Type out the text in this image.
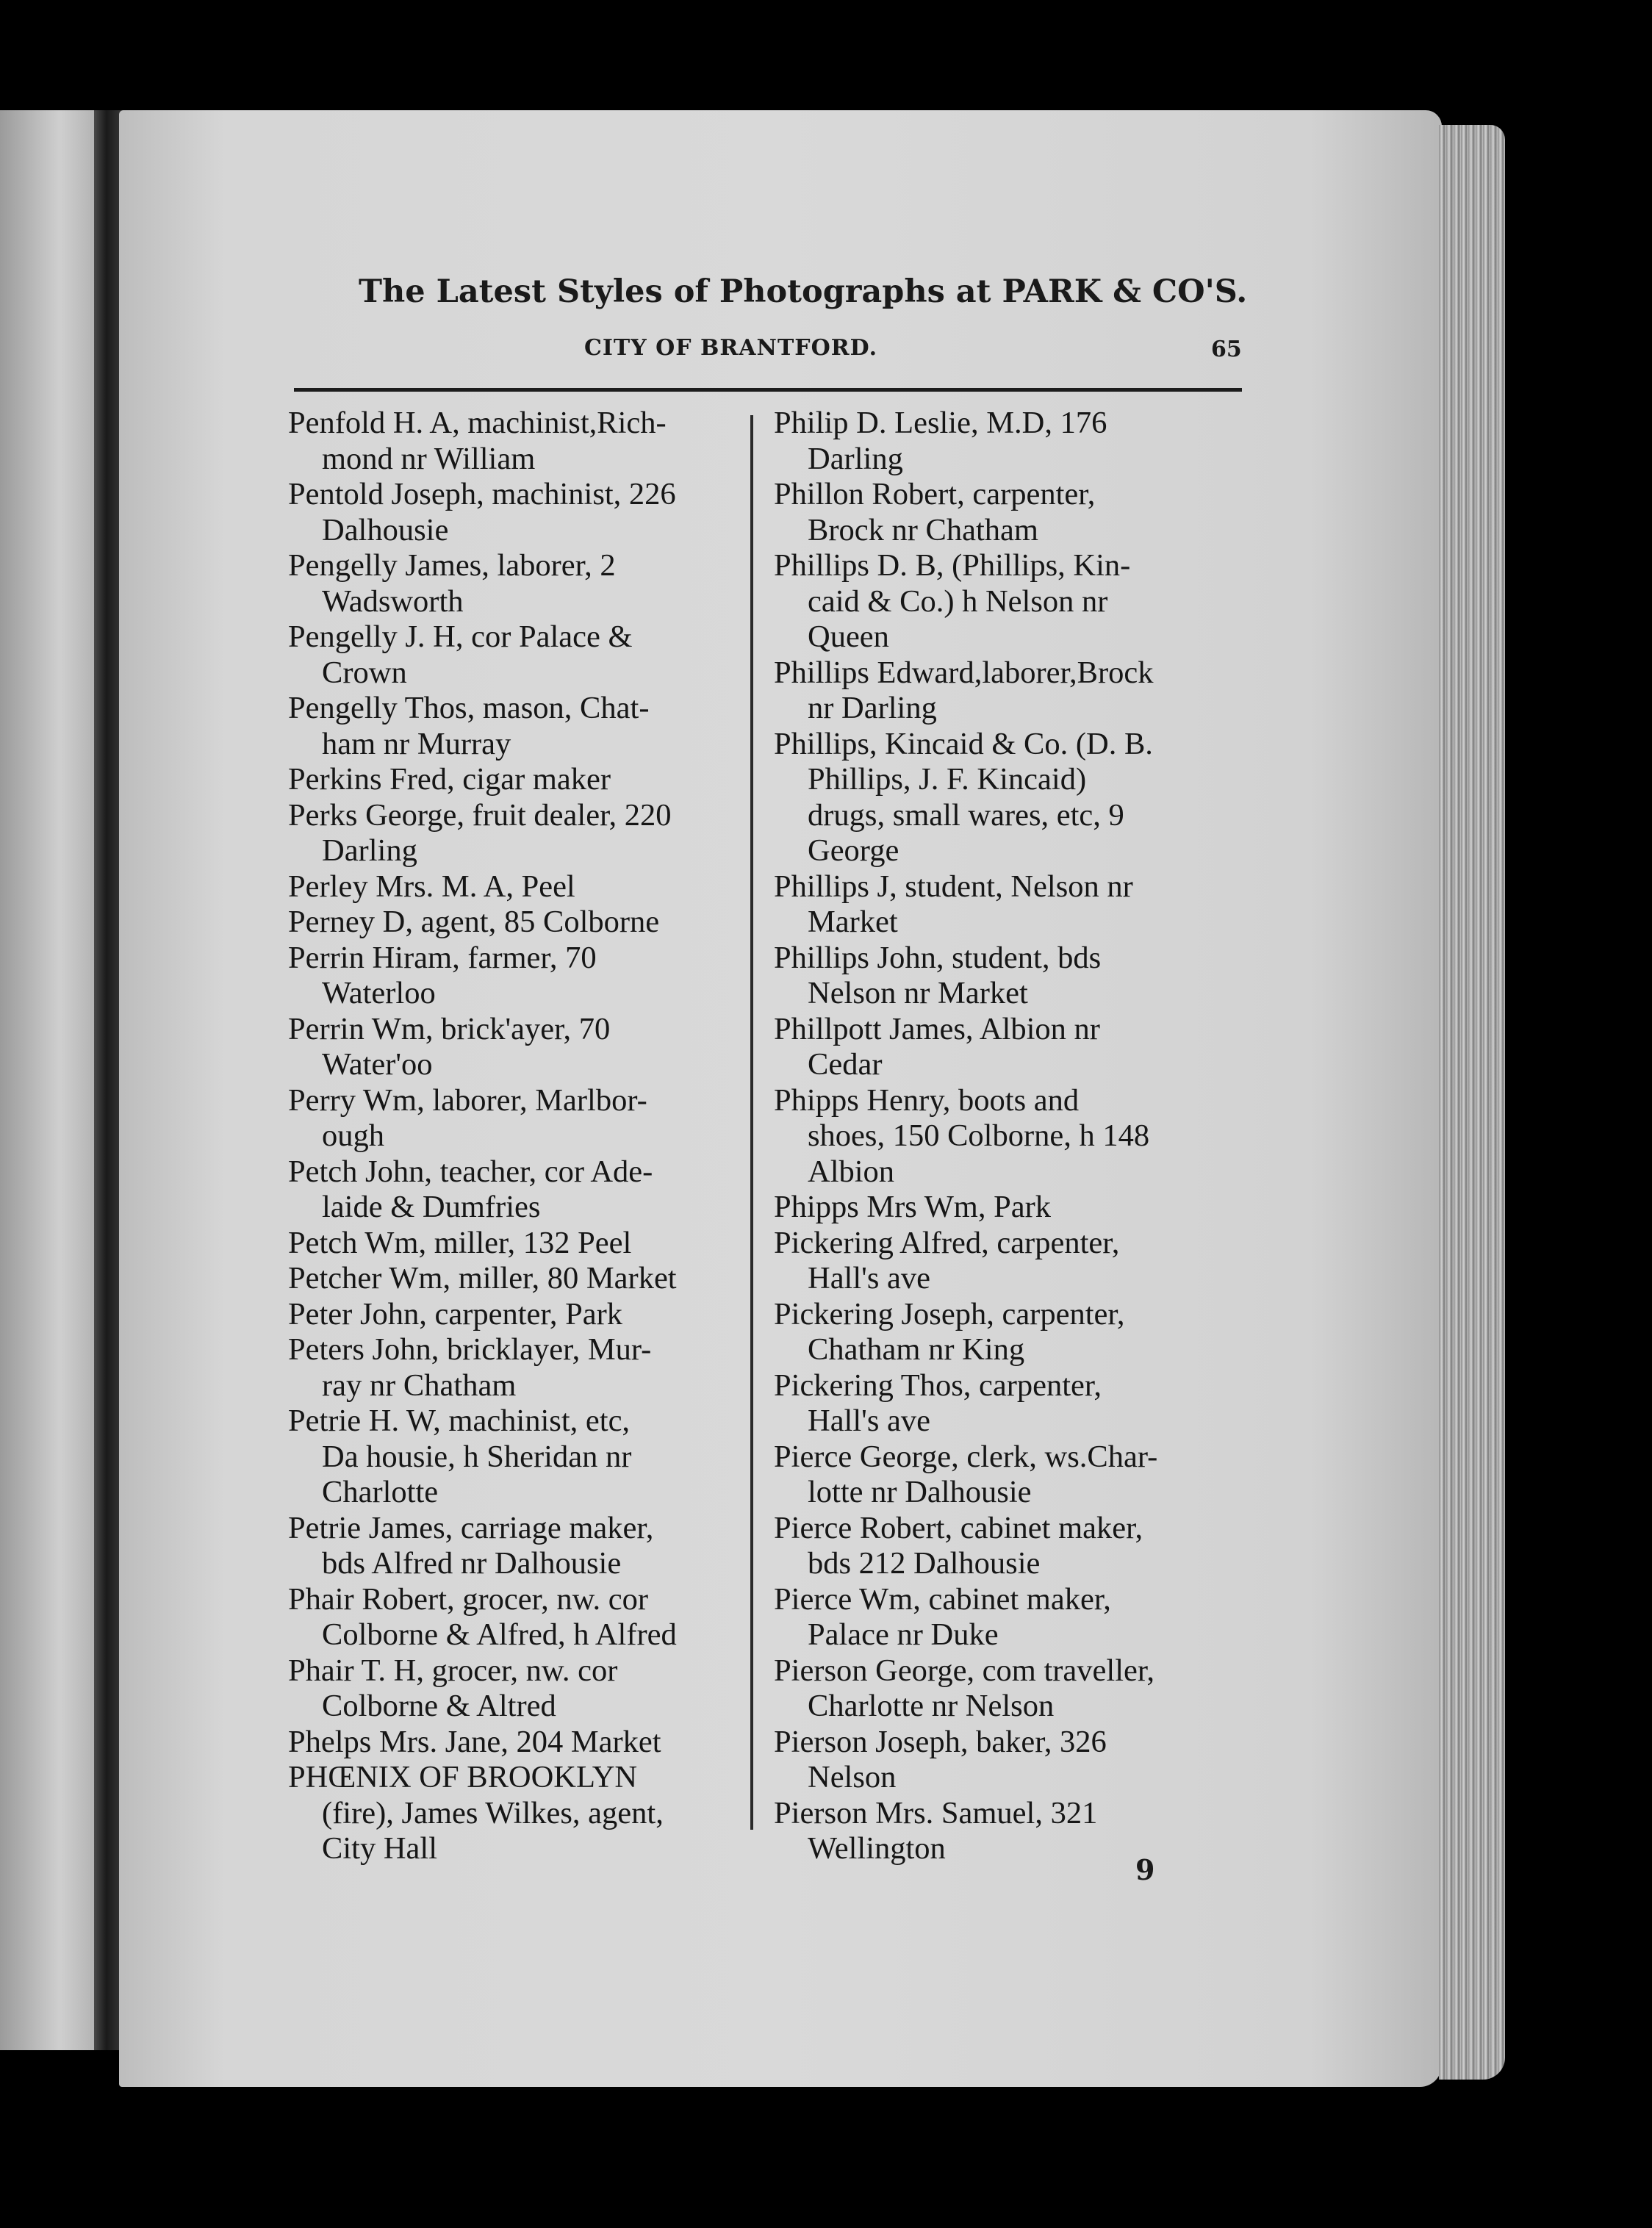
The Latest Styles of Photographs at PARK & CO'S.
CITY OF BRANTFORD.	65
Penfold H. A, machinist,Rich-
mond nr William
Pentold Joseph, machinist, 226
Dalhousie
Pengelly James, laborer, 2
Wadsworth
Pengelly J. H, cor Palace &
Crown
Pengelly Thos, mason, Chat-
ham nr Murray
Perkins Fred, cigar maker
Perks George, fruit dealer, 220
Darling
Perley Mrs. M. A, Peel
Perney D, agent, 85 Colborne
Perrin Hiram, farmer, 70
Waterloo
Perrin Wm, brick'ayer, 70
Water'oo
Perry Wm, laborer, Marlbor-
ough
Petch John, teacher, cor Ade-
laide & Dumfries
Petch Wm, miller, 132 Peel
Petcher Wm, miller, 80 Market
Peter John, carpenter, Park
Peters John, bricklayer, Mur-
ray nr Chatham
Petrie H. W, machinist, etc,
Da housie, h Sheridan nr
Charlotte
Petrie James, carriage maker,
bds Alfred nr Dalhousie
Phair Robert, grocer, nw. cor
Colborne & Alfred, h Alfred
Phair T. H, grocer, nw. cor
Colborne & Altred
Phelps Mrs. Jane, 204 Market
PHŒNIX OF BROOKLYN
(fire), James Wilkes, agent,
City Hall
Philip D. Leslie, M.D, 176
Darling
Phillon Robert, carpenter,
Brock nr Chatham
Phillips D. B, (Phillips, Kin-
caid & Co.) h Nelson nr
Queen
Phillips Edward,laborer,Brock
nr Darling
Phillips, Kincaid & Co. (D. B.
Phillips, J. F. Kincaid)
drugs, small wares, etc, 9
George
Phillips J, student, Nelson nr
Market
Phillips John, student, bds
Nelson nr Market
Phillpott James, Albion nr
Cedar
Phipps Henry, boots and
shoes, 150 Colborne, h 148
Albion
Phipps Mrs Wm, Park
Pickering Alfred, carpenter,
Hall's ave
Pickering Joseph, carpenter,
Chatham nr King
Pickering Thos, carpenter,
Hall's ave
Pierce George, clerk, ws.Char-
lotte nr Dalhousie
Pierce Robert, cabinet maker,
bds 212 Dalhousie
Pierce Wm, cabinet maker,
Palace nr Duke
Pierson George, com traveller,
Charlotte nr Nelson
Pierson Joseph, baker, 326
Nelson
Pierson Mrs. Samuel, 321
Wellington
9
